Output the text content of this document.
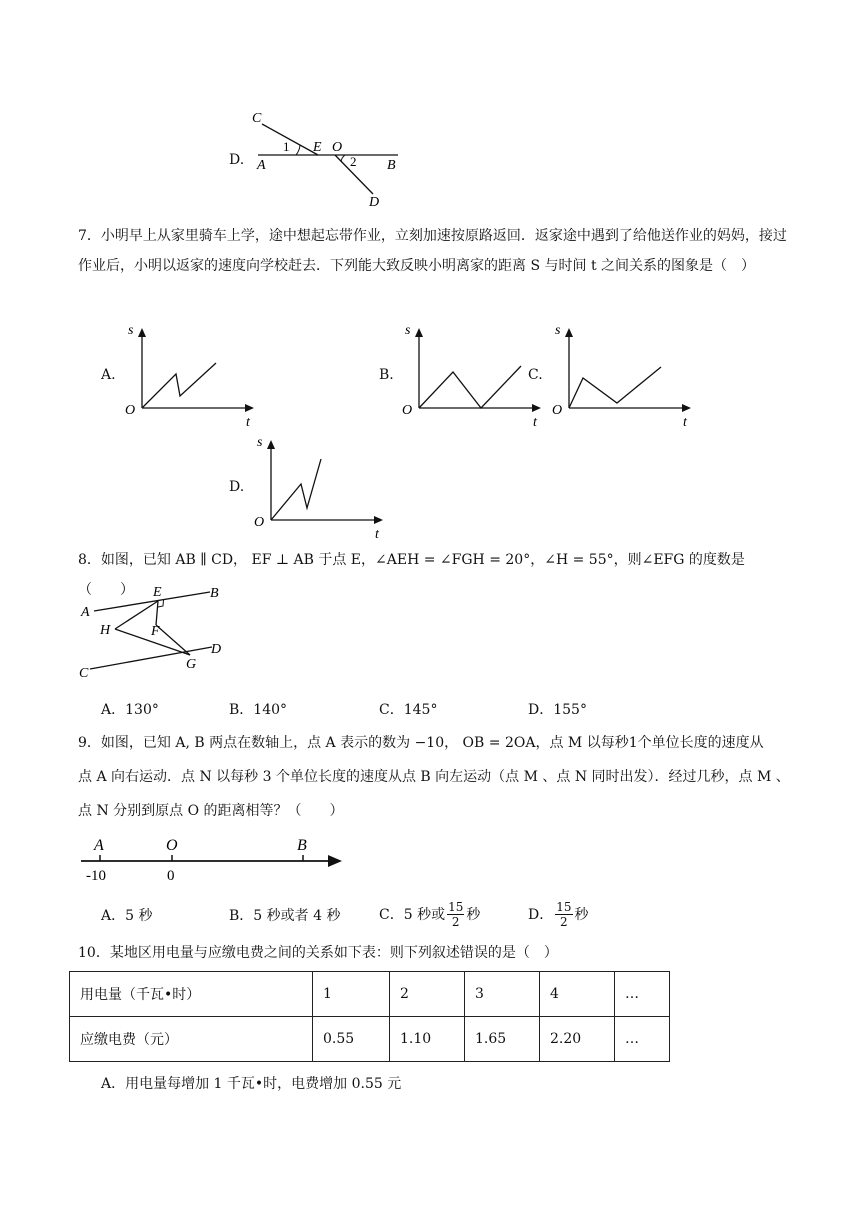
D.
C
1 E O
2
A	B
D
7．小明早上从家里骑车上学，途中想起忘带作业，立刻加速按原路返回．返家途中遇到了给他送作业的妈妈，接过作业后，小明以返家的速度向学校赶去．下列能大致反映小明离家的距离 S 与时间 t 之间关系的图象是（　）
A.	B.	C.
D.
s
t
O
s
t
O
s
t
O
s
t
O
8．如图，已知 AB ∥ CD， EF ⊥ AB 于点 E，∠AEH = ∠FGH = 20°，∠H = 55°，则∠EFG 的度数是（　　）
A
E	B
H	F
D
G
C
A．130°	B．140°	C．145°	D．155°
9．如图，已知 A, B 两点在数轴上，点 A 表示的数为 −10， OB = 2OA，点 M 以每秒1个单位长度的速度从
点 A 向右运动．点 N 以每秒 3 个单位长度的速度从点 B 向左运动（点 M 、点 N 同时出发）．经过几秒，点 M 、
点 N 分别到原点 O 的距离相等？（　　）
A	O	B
-10	0
A．5 秒	B．5 秒或者 4 秒	C． 5 秒或
15
2 秒	D．
15
2 秒
10．某地区用电量与应缴电费之间的关系如下表：则下列叙述错误的是（　）
用电量（千瓦•时）	1	2	3	4	…
应缴电费（元）	0.55	1.10	1.65	2.20	…
A．用电量每增加 1 千瓦•时，电费增加 0.55 元
